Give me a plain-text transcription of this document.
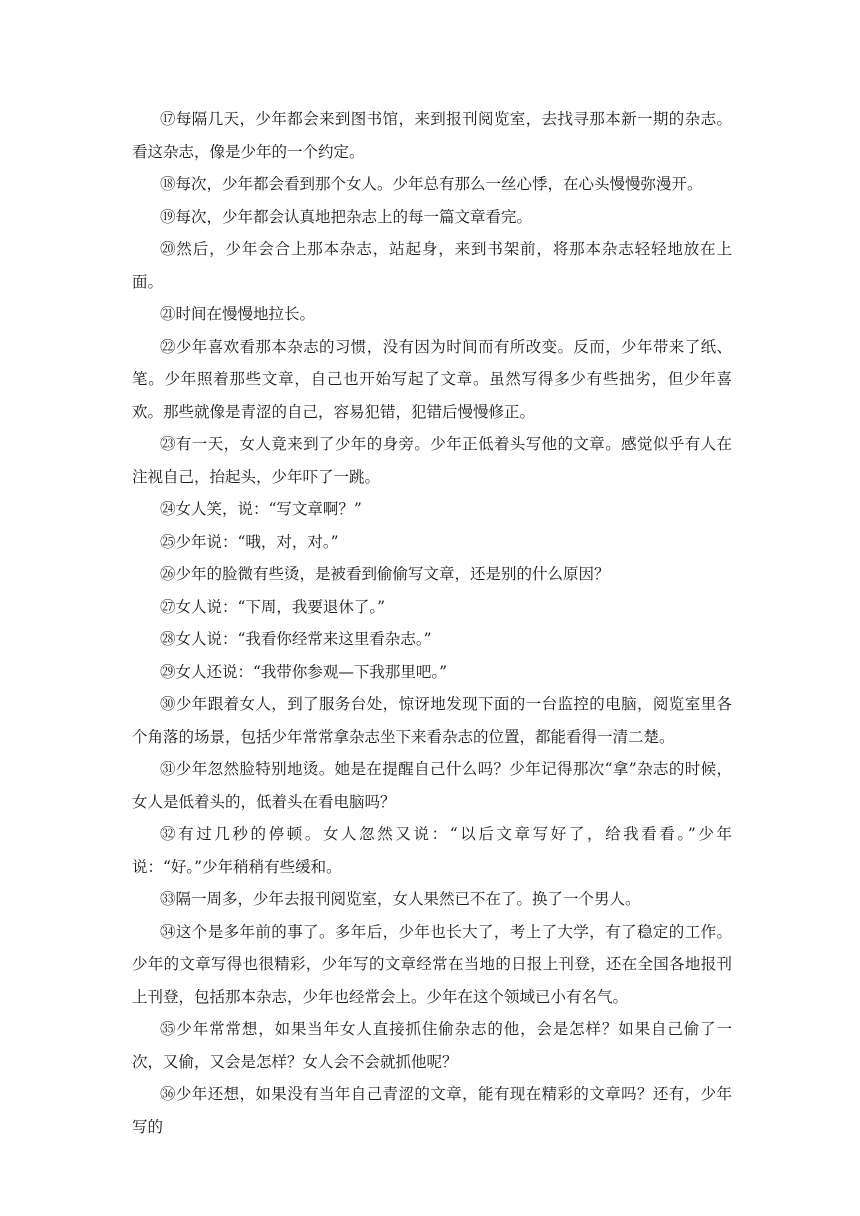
⑰每隔几天，少年都会来到图书馆，来到报刊阅览室，去找寻那本新一期的杂志。看这杂志，像是少年的一个约定。

⑱每次，少年都会看到那个女人。少年总有那么一丝心悸，在心头慢慢弥漫开。

⑲每次，少年都会认真地把杂志上的每一篇文章看完。

⑳然后，少年会合上那本杂志，站起身，来到书架前，将那本杂志轻轻地放在上面。

㉑时间在慢慢地拉长。

㉒少年喜欢看那本杂志的习惯，没有因为时间而有所改变。反而，少年带来了纸、笔。少年照着那些文章，自己也开始写起了文章。虽然写得多少有些拙劣，但少年喜欢。那些就像是青涩的自己，容易犯错，犯错后慢慢修正。

㉓有一天，女人竟来到了少年的身旁。少年正低着头写他的文章。感觉似乎有人在注视自己，抬起头，少年吓了一跳。

㉔女人笑，说：“写文章啊？”

㉕少年说：“哦，对，对。”

㉖少年的脸微有些烫，是被看到偷偷写文章，还是别的什么原因？

㉗女人说：“下周，我要退休了。”

㉘女人说：“我看你经常来这里看杂志。”

㉙女人还说：“我带你参观—下我那里吧。”

㉚少年跟着女人，到了服务台处，惊讶地发现下面的一台监控的电脑，阅览室里各个角落的场景，包括少年常常拿杂志坐下来看杂志的位置，都能看得一清二楚。

㉛少年忽然脸特别地烫。她是在提醒自己什么吗？少年记得那次“拿”杂志的时候，女人是低着头的，低着头在看电脑吗？

㉜有过几秒的停顿。女人忽然又说：“以后文章写好了，给我看看。”少年说：“好。”少年稍稍有些缓和。

㉝隔一周多，少年去报刊阅览室，女人果然已不在了。换了一个男人。

㉞这个是多年前的事了。多年后，少年也长大了，考上了大学，有了稳定的工作。少年的文章写得也很精彩，少年写的文章经常在当地的日报上刊登，还在全国各地报刊上刊登，包括那本杂志，少年也经常会上。少年在这个领域已小有名气。

㉟少年常常想，如果当年女人直接抓住偷杂志的他，会是怎样？如果自己偷了一次，又偷，又会是怎样？女人会不会就抓他呢？

㊱少年还想，如果没有当年自己青涩的文章，能有现在精彩的文章吗？还有，少年写的
